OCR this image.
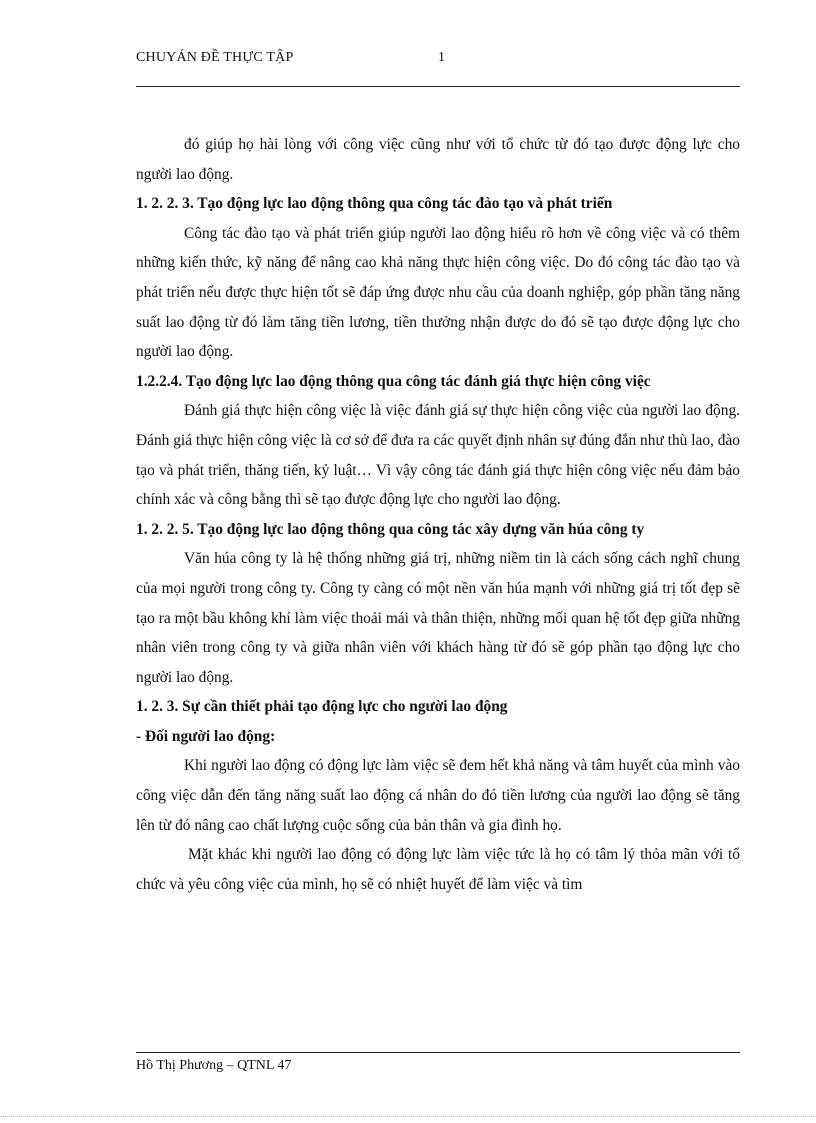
CHUYÁN ĐỀ THỰC TẬP	1

đó giúp họ hài lòng với công việc cũng như với tổ chức từ đó tạo được động lực cho người lao động.

1. 2. 2. 3. Tạo động lực lao động thông qua công tác đào tạo và phát triển

Công tác đào tạo và phát triển giúp người lao động hiểu rõ hơn về công việc và có thêm những kiến thức, kỹ năng để nâng cao khả năng thực hiện công việc. Do đó công tác đào tạo và phát triển nếu được thực hiện tốt sẽ đáp ứng được nhu cầu của doanh nghiệp, góp phần tăng năng suất lao động từ đó làm tăng tiền lương, tiền thưởng nhận được do đó sẽ tạo được động lực cho người lao động.

1.2.2.4. Tạo động lực lao động thông qua công tác đánh giá thực hiện công việc

Đánh giá thực hiện công việc là việc đánh giá sự thực hiện công việc của người lao động. Đánh giá thực hiện công việc là cơ sở để đưa ra các quyết định nhân sự đúng đắn như thù lao, đào tạo và phát triển, thăng tiến, kỷ luật… Vì vậy công tác đánh giá thực hiện công việc nếu đảm bảo chính xác và công bằng thì sẽ tạo được động lực cho người lao động.

1. 2. 2. 5. Tạo động lực lao động thông qua công tác xây dựng văn húa công ty

Văn húa công ty là hệ thống những giá trị, những niềm tin là cách sống cách nghĩ chung của mọi người trong công ty. Công ty càng có một nền văn húa mạnh với những giá trị tốt đẹp sẽ tạo ra một bầu không khí làm việc thoải mái và thân thiện, những mối quan hệ tốt đẹp giữa những nhân viên trong công ty và giữa nhân viên với khách hàng từ đó sẽ góp phần tạo động lực cho người lao động.

1. 2. 3. Sự cần thiết phải tạo động lực cho người lao động
- Đối người lao động:

Khi người lao động có động lực làm việc sẽ đem hết khả năng và tâm huyết của mình vào công việc dẫn đến tăng năng suất lao động cá nhân do đó tiền lương của người lao động sẽ tăng lên từ đó nâng cao chất lượng cuộc sống của bản thân và gia đình họ.

Mặt khác khi người lao động có động lực làm việc tức là họ có tâm lý thỏa mãn với tổ chức và yêu công việc của mình, họ sẽ có nhiệt huyết để làm việc và tìm

Hồ Thị Phương – QTNL 47
